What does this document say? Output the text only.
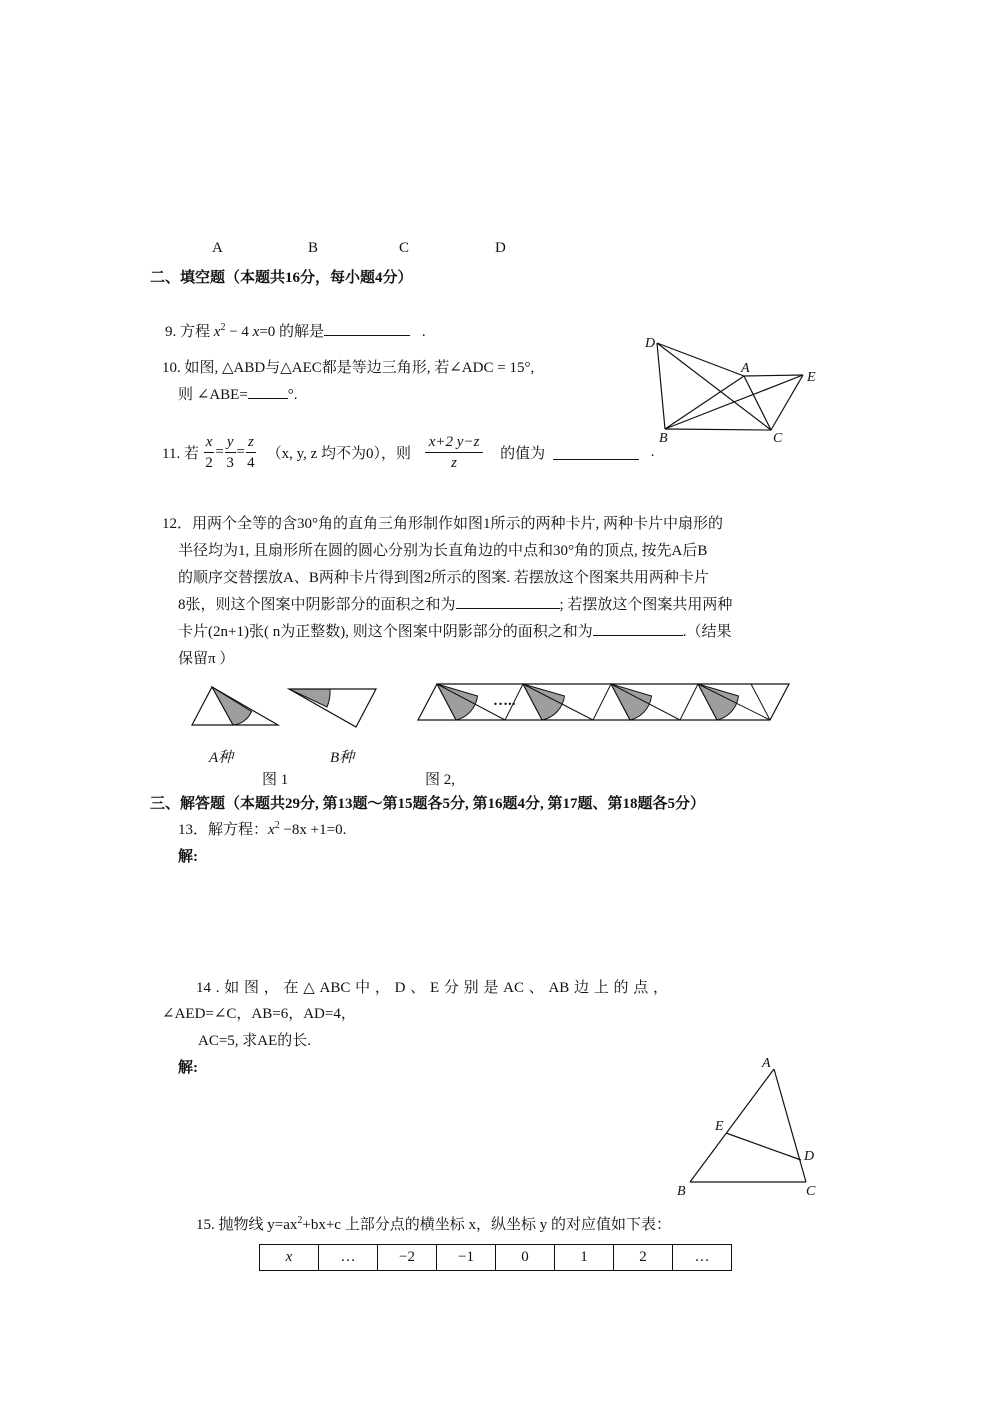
A	B	C	D
二、填空题（本题共16分，每小题4分）
9. 方程 $x^2 - 4$ x=0 的解是	.
10. 如图, △ABD与△AEC都是等边三角形, 若∠ADC = 15°,
则 ∠ABE=	°.
D
A
E
B	C
11. 若 $\frac{x}{2} = \frac{y}{3} = \frac{z}{4} (x$, y, z 均不为0），则 $\frac{x+2 y-z}{z}$ 的值为	.
12．用两个全等的含30°角的直角三角形制作如图1所示的两种卡片, 两种卡片中扇形的
半径均为1, 且扇形所在圆的圆心分别为长直角边的中点和30°角的顶点, 按先A后B
的顺序交替摆放A、B两种卡片得到图2所示的图案. 若摆放这个图案共用两种卡片
8张，则这个图案中阴影部分的面积之和为	; 若摆放这个图案共用两种
卡片(2n+1)张( n为正整数), 则这个图案中阴影部分的面积之和为	.（结果
保留π ）
…..
A种	B种
图 1	图 2,
三、解答题（本题共29分, 第13题～第15题各5分, 第16题4分, 第17题、第18题各5分）
13．解方程：$x^2 -8x +1=0$.
解:
14 . 如 图 ， 在 △ ABC 中 ， D 、 E 分 别 是 AC 、 AB 边 上 的 点 ，
∠AED=∠C，AB=6，AD=4，
AC=5, 求AE的长.
解:	A
E
D
B	C
15. 抛物线 $y=ax^2+bx+c$ 上部分点的横坐标 x，纵坐标 y 的对应值如下表：
x	…	−2	−1	0	1	2	…
